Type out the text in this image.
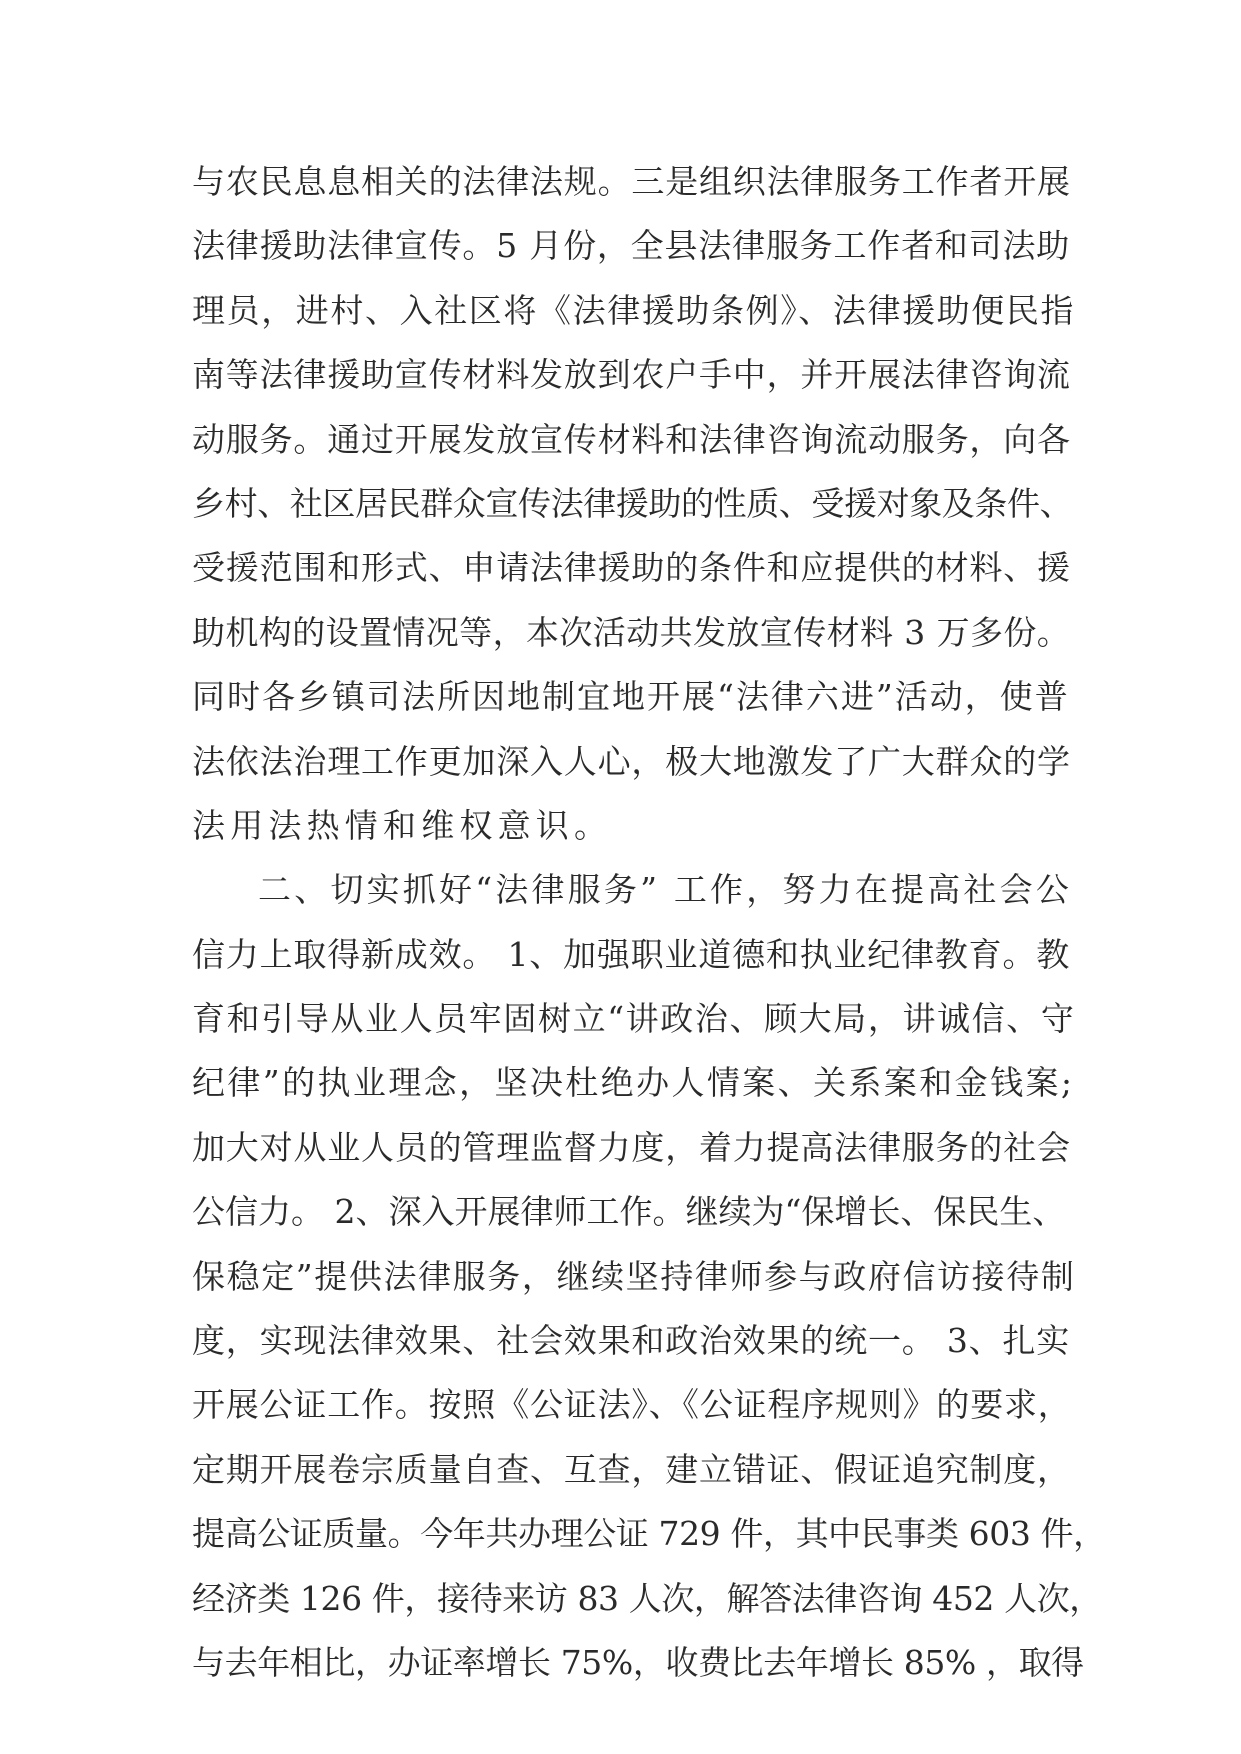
与农民息息相关的法律法规。三是组织法律服务工作者开展
法律援助法律宣传。5 月份，全县法律服务工作者和司法助
理员，进村、入社区将《法律援助条例》、法律援助便民指
南等法律援助宣传材料发放到农户手中，并开展法律咨询流
动服务。通过开展发放宣传材料和法律咨询流动服务，向各
乡村、社区居民群众宣传法律援助的性质、受援对象及条件、
受援范围和形式、申请法律援助的条件和应提供的材料、援
助机构的设置情况等，本次活动共发放宣传材料 3 万多份。
同时各乡镇司法所因地制宜地开展“法律六进”活动，使普
法依法治理工作更加深入人心，极大地激发了广大群众的学
法用法热情和维权意识。
二、切实抓好“法律服务” 工作，努力在提高社会公
信力上取得新成效。 1、加强职业道德和执业纪律教育。教
育和引导从业人员牢固树立“讲政治、顾大局，讲诚信、守
纪律”的执业理念，坚决杜绝办人情案、关系案和金钱案;
加大对从业人员的管理监督力度，着力提高法律服务的社会
公信力。 2、深入开展律师工作。继续为“保增长、保民生、
保稳定”提供法律服务，继续坚持律师参与政府信访接待制
度，实现法律效果、社会效果和政治效果的统一。 3、扎实
开展公证工作。按照《公证法》、《公证程序规则》的要求，
定期开展卷宗质量自查、互查，建立错证、假证追究制度，
提高公证质量。今年共办理公证 729 件，其中民事类 603 件，
经济类 126 件，接待来访 83 人次，解答法律咨询 452 人次，
与去年相比，办证率增长 75%，收费比去年增长 85% ，取得
